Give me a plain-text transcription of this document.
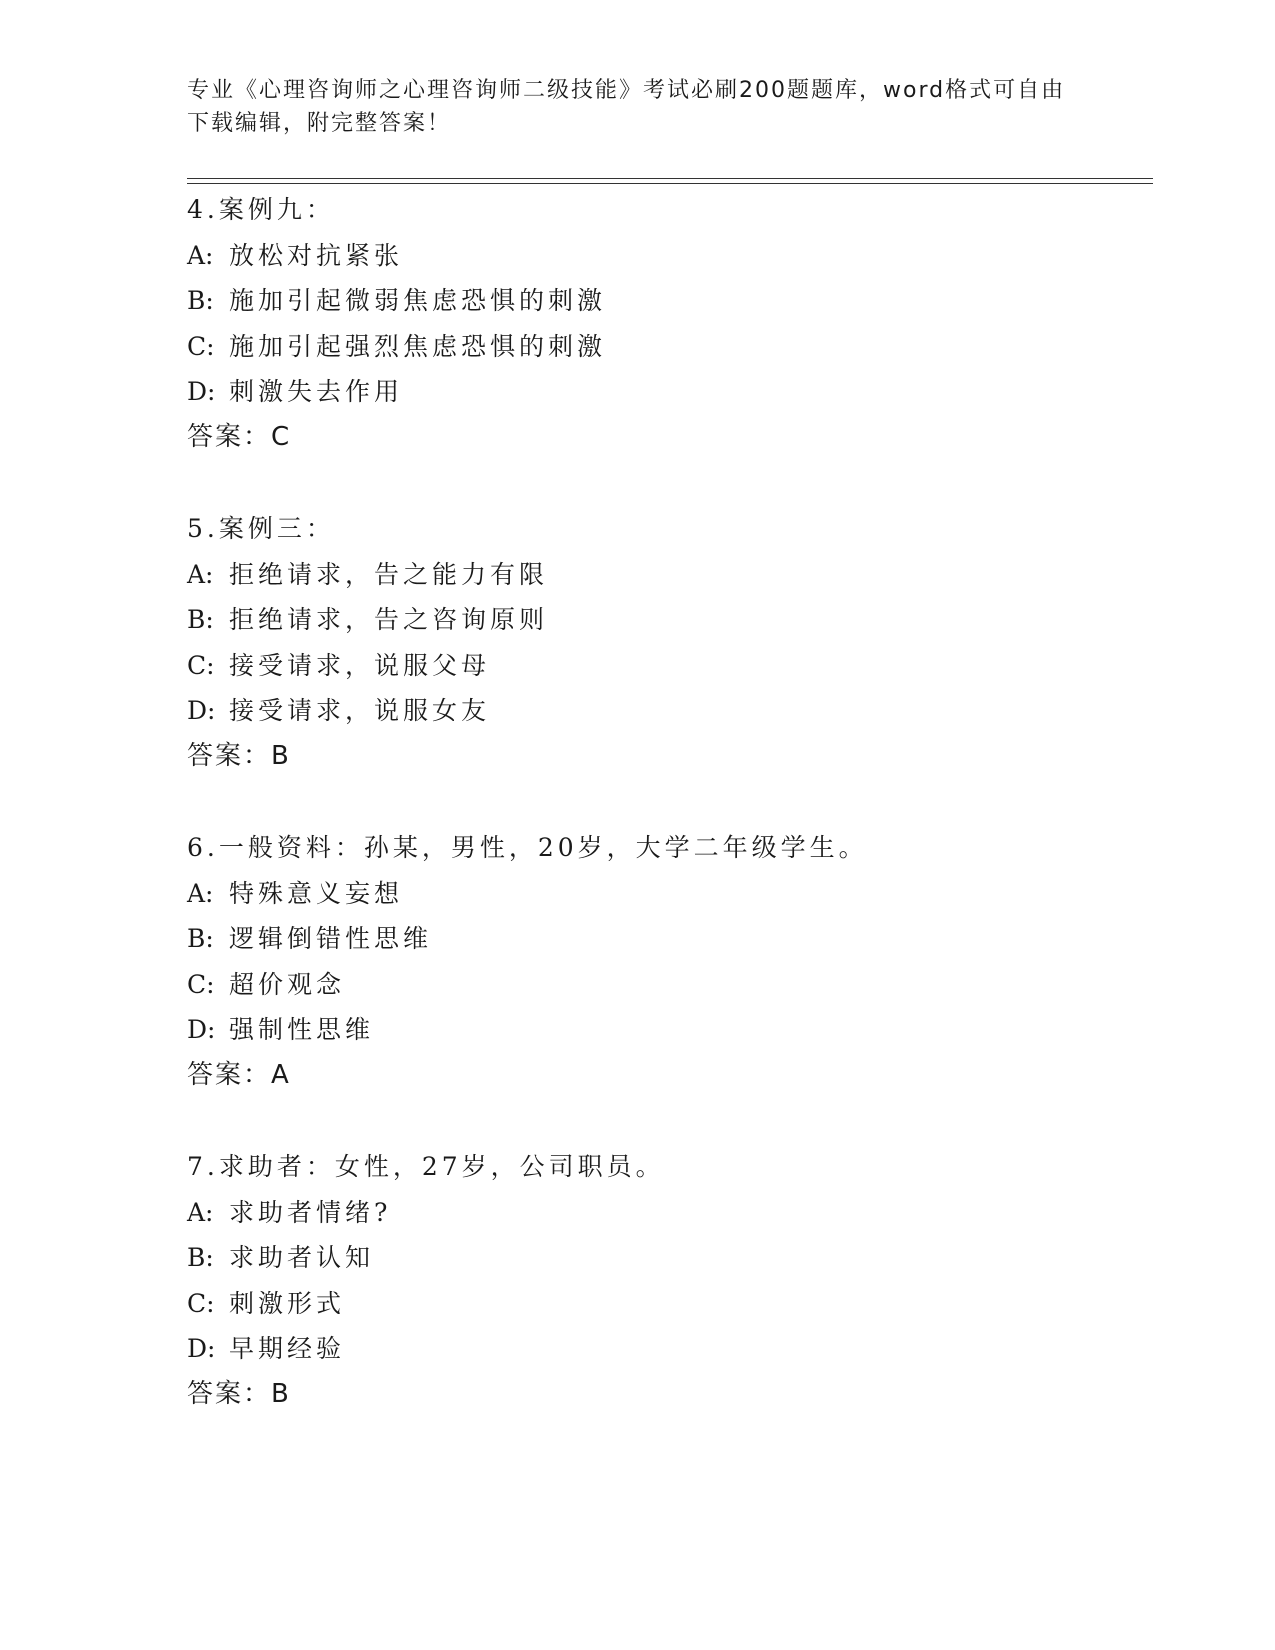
专业《心理咨询师之心理咨询师二级技能》考试必刷200题题库，word格式可自由下载编辑，附完整答案！
4.案例九：
A: 放松对抗紧张
B: 施加引起微弱焦虑恐惧的刺激
C: 施加引起强烈焦虑恐惧的刺激
D: 刺激失去作用
答案：C
5.案例三：
A: 拒绝请求，告之能力有限
B: 拒绝请求，告之咨询原则
C: 接受请求，说服父母
D: 接受请求，说服女友
答案：B
6.一般资料：孙某，男性，20岁，大学二年级学生。
A: 特殊意义妄想
B: 逻辑倒错性思维
C: 超价观念
D: 强制性思维
答案：A
7.求助者：女性，27岁，公司职员。
A: 求助者情绪?
B: 求助者认知
C: 刺激形式
D: 早期经验
答案：B
